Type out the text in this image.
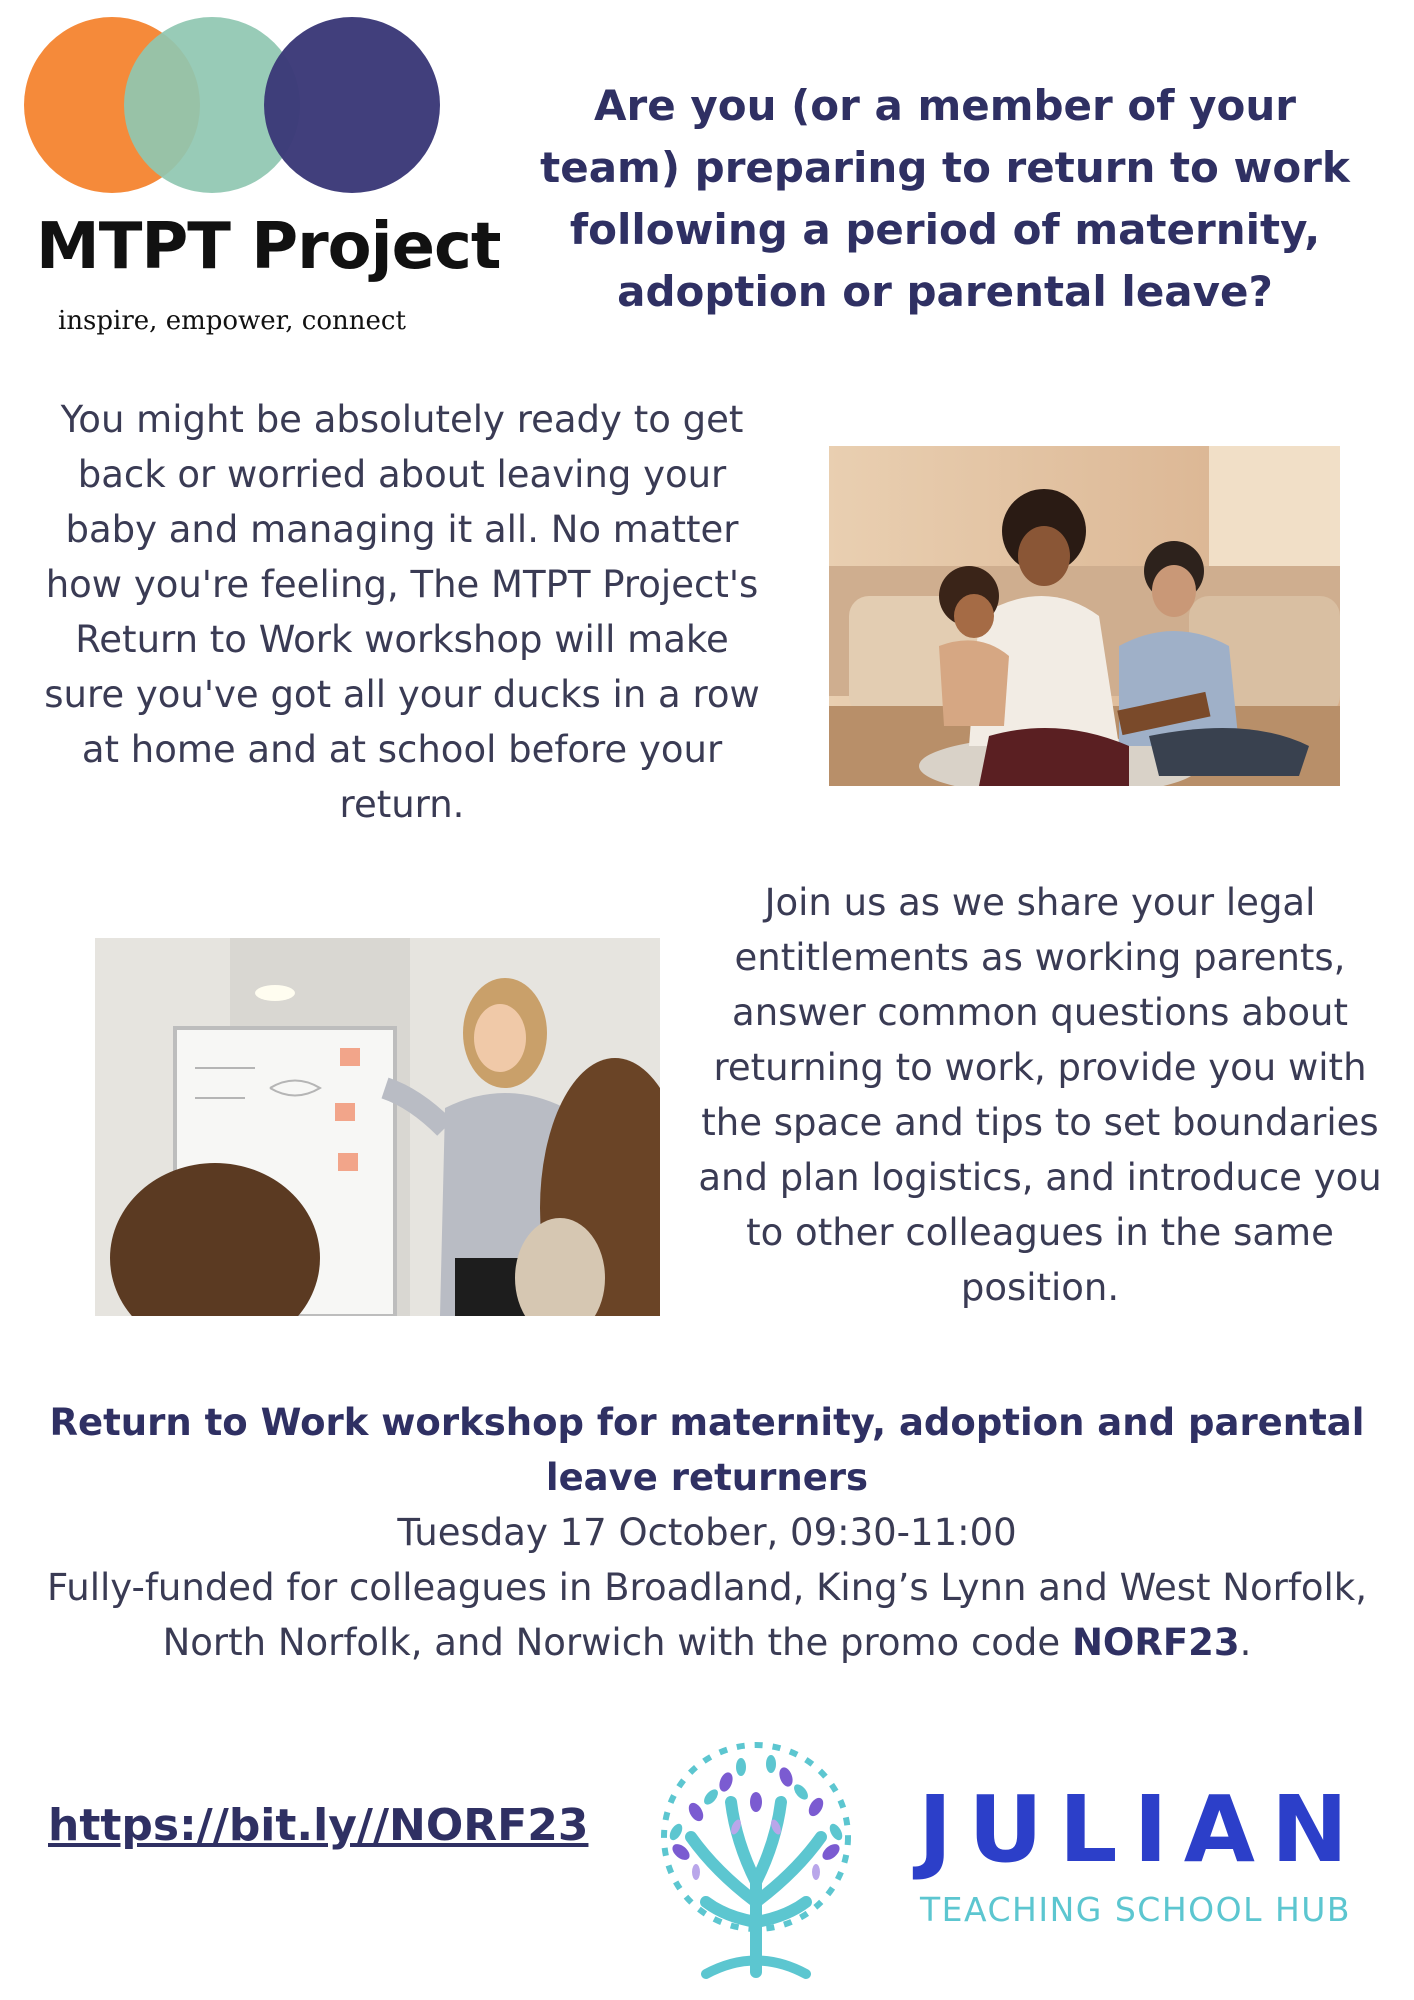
MTPT Project
inspire, empower, connect
Are you (or a member of your team) preparing to return to work following a period of maternity, adoption or parental leave?
You might be absolutely ready to get back or worried about leaving your baby and managing it all. No matter how you're feeling, The MTPT Project's Return to Work workshop will make sure you've got all your ducks in a row at home and at school before your return.
Join us as we share your legal entitlements as working parents, answer common questions about returning to work, provide you with the space and tips to set boundaries and plan logistics, and introduce you to other colleagues in the same position.
Return to Work workshop for maternity, adoption and parental leave returners
Tuesday 17 October, 09:30-11:00
Fully-funded for colleagues in Broadland, King’s Lynn and West Norfolk, North Norfolk, and Norwich with the promo code NORF23.
https://bit.ly//NORF23	JULIAN
TEACHING SCHOOL HUB
